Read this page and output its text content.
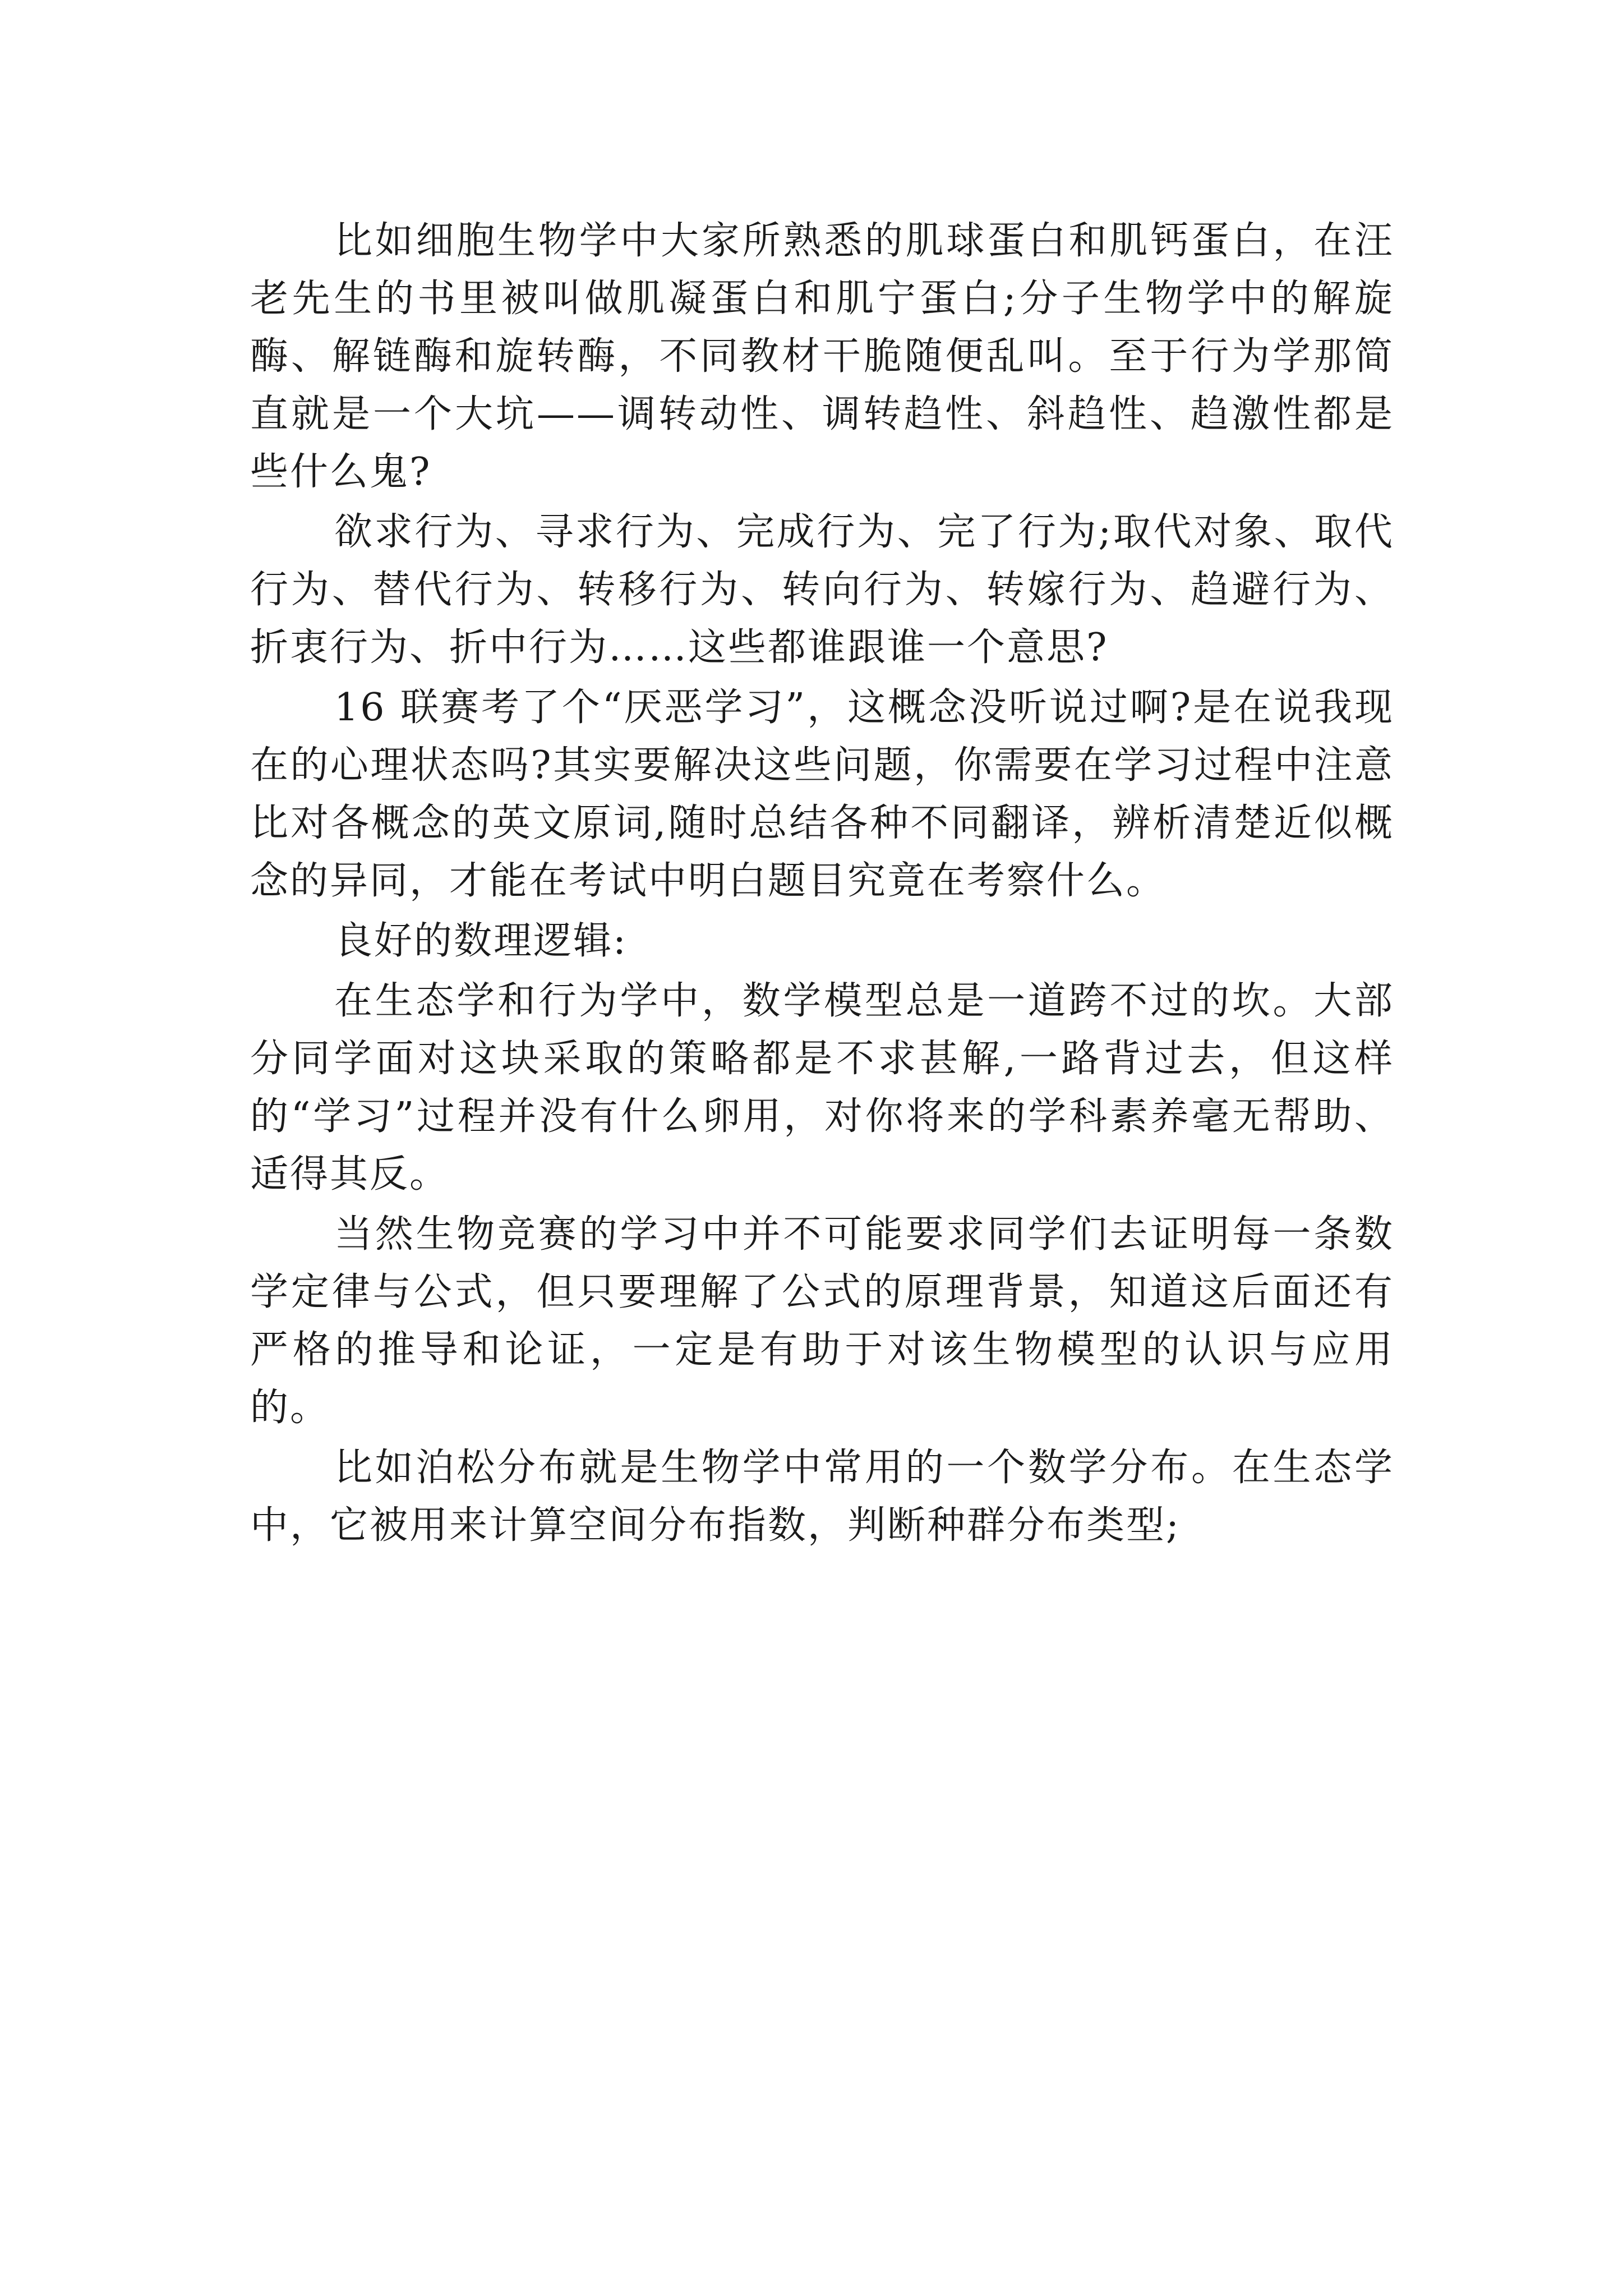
比如细胞生物学中大家所熟悉的肌球蛋白和肌钙蛋白，在汪老先生的书里被叫做肌凝蛋白和肌宁蛋白;分子生物学中的解旋酶、解链酶和旋转酶，不同教材干脆随便乱叫。至于行为学那简直就是一个大坑——调转动性、调转趋性、斜趋性、趋激性都是些什么鬼?

欲求行为、寻求行为、完成行为、完了行为;取代对象、取代行为、替代行为、转移行为、转向行为、转嫁行为、趋避行为、折衷行为、折中行为……这些都谁跟谁一个意思?

16 联赛考了个“厌恶学习”，这概念没听说过啊?是在说我现在的心理状态吗?其实要解决这些问题，你需要在学习过程中注意比对各概念的英文原词,随时总结各种不同翻译，辨析清楚近似概念的异同，才能在考试中明白题目究竟在考察什么。

良好的数理逻辑:

在生态学和行为学中，数学模型总是一道跨不过的坎。大部分同学面对这块采取的策略都是不求甚解,一路背过去，但这样的“学习”过程并没有什么卵用，对你将来的学科素养毫无帮助、适得其反。

当然生物竞赛的学习中并不可能要求同学们去证明每一条数学定律与公式，但只要理解了公式的原理背景，知道这后面还有严格的推导和论证，一定是有助于对该生物模型的认识与应用的。

比如泊松分布就是生物学中常用的一个数学分布。在生态学中，它被用来计算空间分布指数，判断种群分布类型;
